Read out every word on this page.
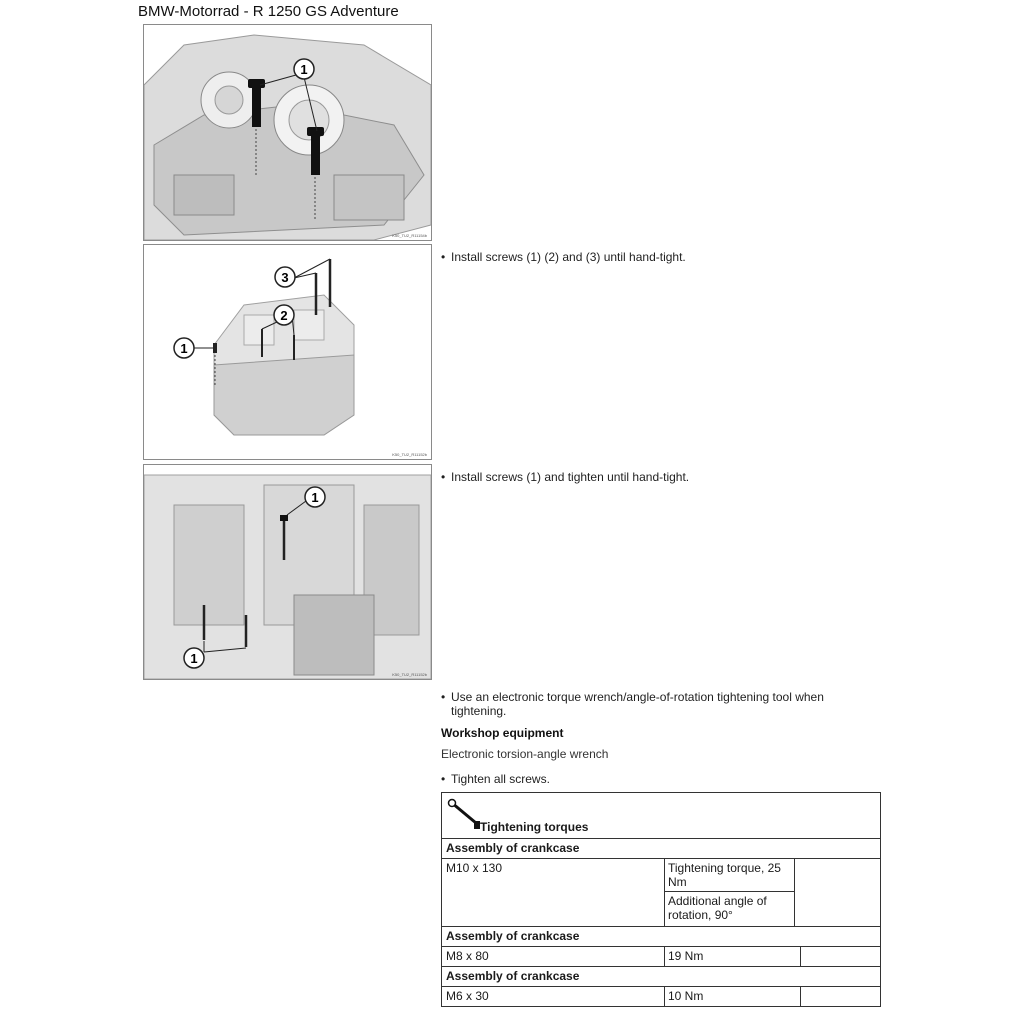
BMW-Motorrad - R 1250 GS Adventure
1
K50_TU2_R11154b
3
2
1
K50_TU2_R11152b
1
1
K50_TU2_R11152b
• Install screws (1) (2) and (3) until hand-tight.
• Install screws (1) and tighten until hand-tight.
• Use an electronic torque wrench/angle-of-rotation tightening tool when
tightening.
Workshop equipment
Electronic torsion-angle wrench
• Tighten all screws.
Tightening torques
Assembly of crankcase
M10 x 130	Tightening torque, 25 Nm
Additional angle of rotation, 90°
Assembly of crankcase
M8 x 80	19 Nm
Assembly of crankcase
M6 x 30	10 Nm
